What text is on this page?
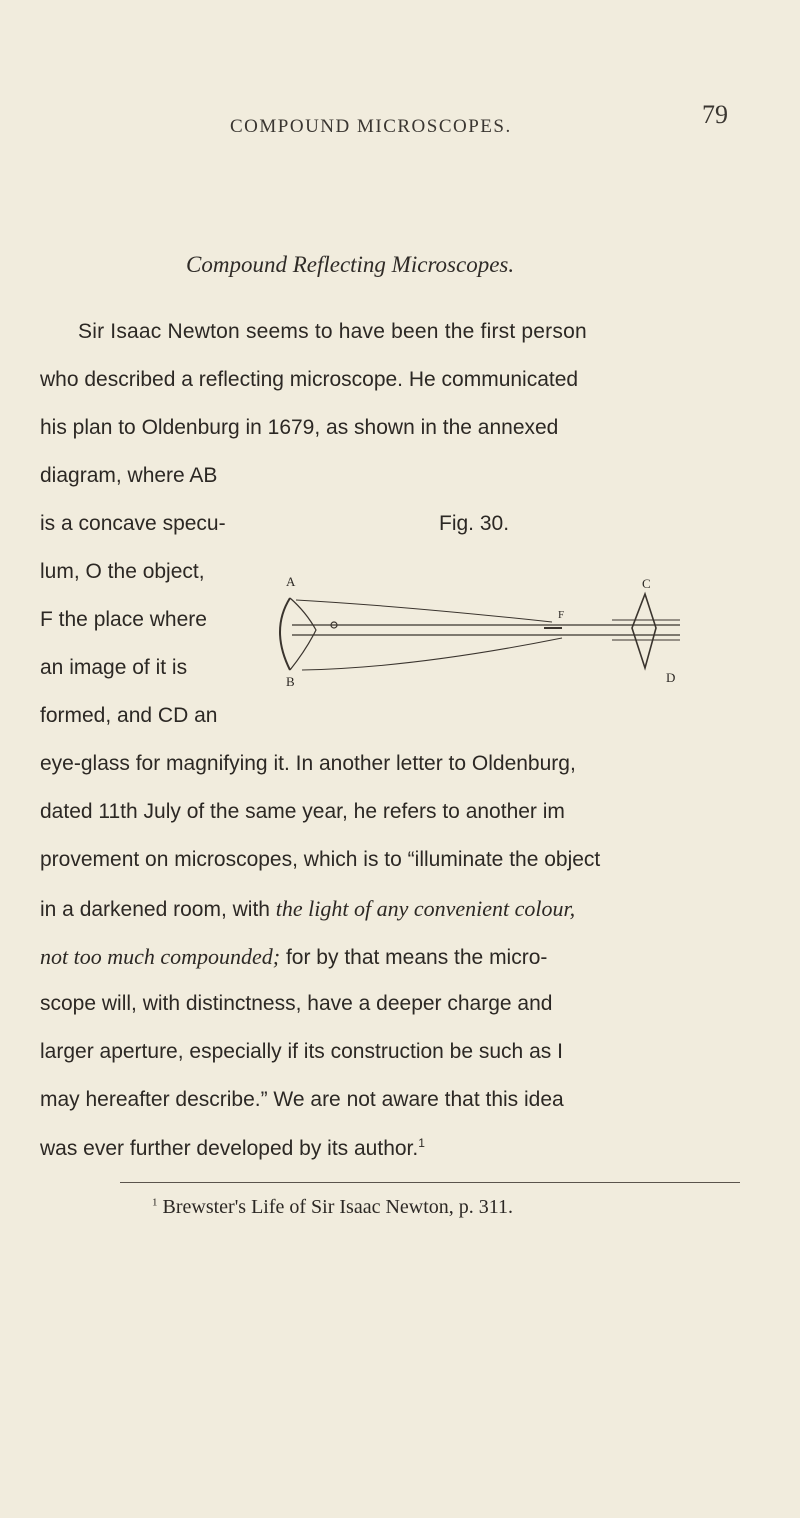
COMPOUND MICROSCOPES.	79
Compound Reflecting Microscopes.
Sir Isaac Newton seems to have been the first person
who described a reflecting microscope. He communicated
his plan to Oldenburg in 1679, as shown in the annexed
diagram, where AB
is a concave specu-
lum, O the object,
F the place where
an image of it is
formed, and CD an
Fig. 30.
A
B
C
D
F
eye-glass for magnifying it. In another letter to Oldenburg,
dated 11th July of the same year, he refers to another im
provement on microscopes, which is to “illuminate the object
in a darkened room, with the light of any convenient colour,
not too much compounded; for by that means the micro-
scope will, with distinctness, have a deeper charge and
larger aperture, especially if its construction be such as I
may hereafter describe.” We are not aware that this idea
was ever further developed by its author.$^1$
$^1$ Brewster's Life of Sir Isaac Newton, p. 311.
